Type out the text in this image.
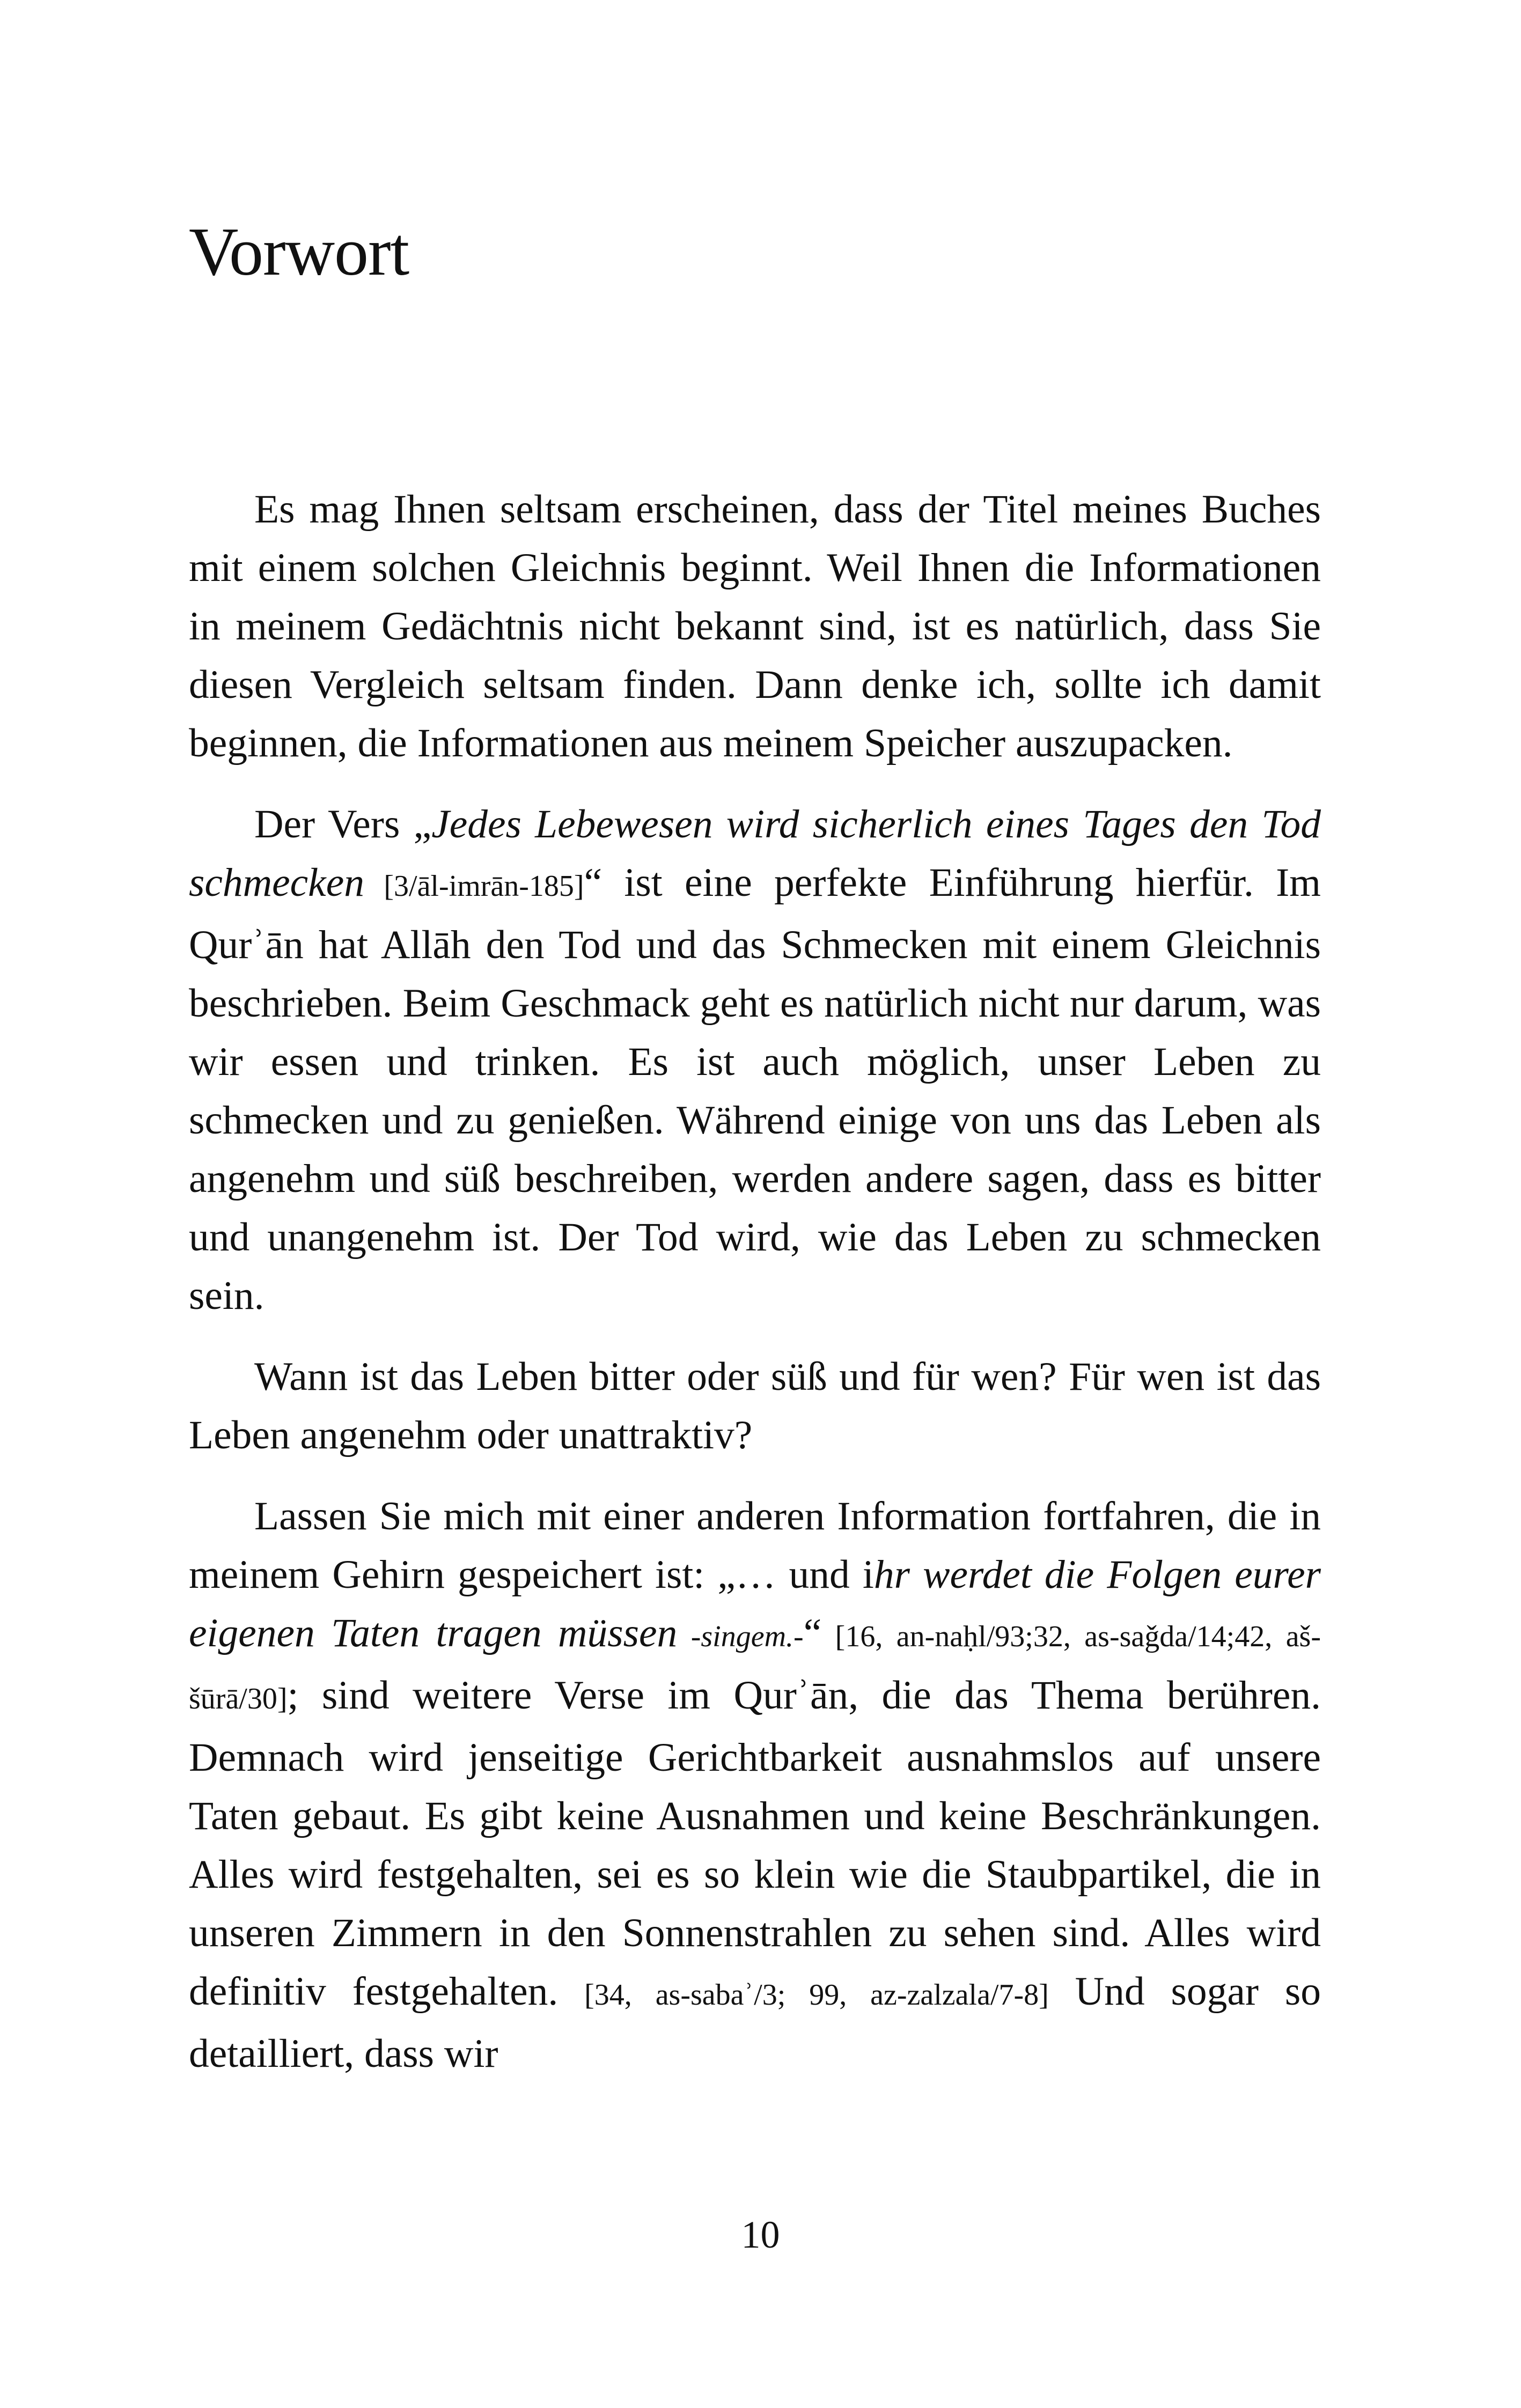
Vorwort

Es mag Ihnen seltsam erscheinen, dass der Titel meines Buches mit einem solchen Gleichnis beginnt. Weil Ihnen die Informationen in meinem Gedächtnis nicht bekannt sind, ist es natürlich, dass Sie diesen Vergleich seltsam finden. Dann denke ich, sollte ich damit beginnen, die Informationen aus meinem Speicher auszupacken.

Der Vers „Jedes Lebewesen wird sicherlich eines Tages den Tod schmecken [3/āl-imrān-185]“ ist eine perfekte Einführung hierfür. Im Qurʾān hat Allāh den Tod und das Schmecken mit einem Gleichnis beschrieben. Beim Geschmack geht es natürlich nicht nur darum, was wir essen und trinken. Es ist auch möglich, unser Leben zu schmecken und zu genießen. Während einige von uns das Leben als angenehm und süß beschreiben, werden andere sagen, dass es bitter und unangenehm ist. Der Tod wird, wie das Leben zu schmecken sein.

Wann ist das Leben bitter oder süß und für wen? Für wen ist das Leben angenehm oder unattraktiv?

Lassen Sie mich mit einer anderen Information fortfahren, die in meinem Gehirn gespeichert ist: „… und ihr werdet die Folgen eurer eigenen Taten tragen müssen -singem.-“ [16, an-naḥl/93;32, as-saǧda/14;42, aš-šūrā/30]; sind weitere Verse im Qurʾān, die das Thema berühren. Demnach wird jenseitige Gerichtbarkeit ausnahmslos auf unsere Taten gebaut. Es gibt keine Ausnahmen und keine Beschränkungen. Alles wird festgehalten, sei es so klein wie die Staubpartikel, die in unseren Zimmern in den Sonnenstrahlen zu sehen sind. Alles wird definitiv festgehalten. [34, as-sabaʾ/3; 99, az-zalzala/7-8] Und sogar so detailliert, dass wir

10
